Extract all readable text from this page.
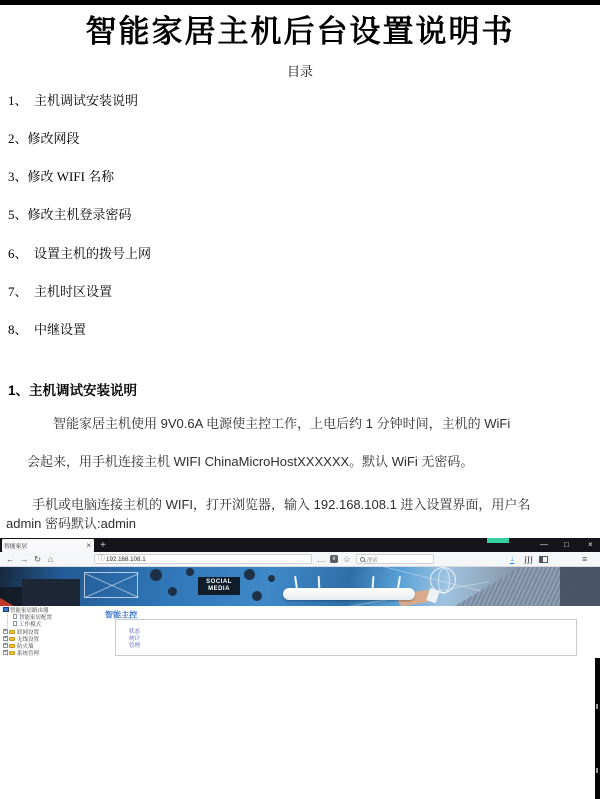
智能家居主机后台设置说明书
目录
1、　主机调试安装说明
2、修改网段
3、修改 WIFI 名称
5、修改主机登录密码
6、　设置主机的拨号上网
7、　主机时区设置
8、　中继设置
1、主机调试安装说明
智能家居主机使用 9V0.6A 电源使主控工作，上电后约 1 分钟时间，主机的 WiFi
会起来，用手机连接主机 WIFI ChinaMicroHostXXXXXX。默认 WiFi 无密码。
手机或电脑连接主机的 WIFI，打开浏览器，输入 192.168.108.1 进入设置界面，用户名
admin 密码默认:admin
智能家居	× +	— □ ×
← → ↻ ⌂	ⓘ 192.168.108.1	… ∨ ☆ 搜索	↓	≡
SOCIAL MEDIA
智能家居路由器
智能家居配置
工作模式
+ 联网设置
+ 无线设置
+ 防火墙
+ 系统管理
智能主控
状态
统计
管理
